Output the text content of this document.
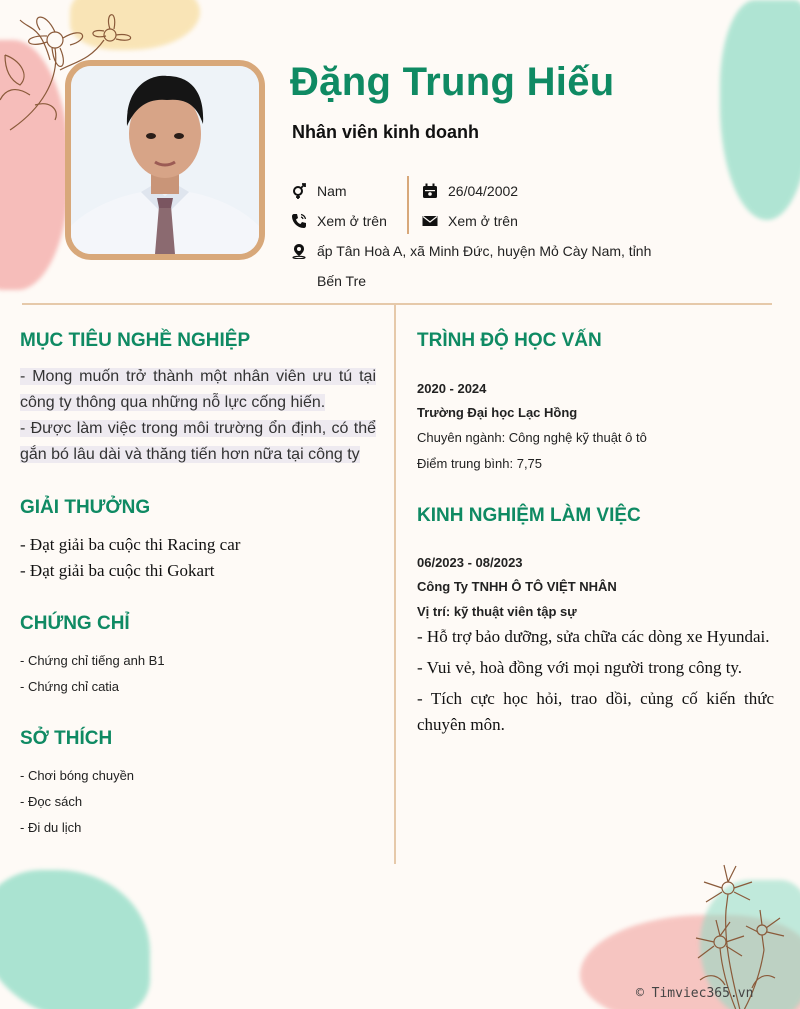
Đặng Trung Hiếu
Nhân viên kinh doanh
Nam
Xem ở trên
26/04/2002
Xem ở trên
ấp Tân Hoà A, xã Minh Đức, huyện Mỏ Cày Nam, tỉnh
Bến Tre
MỤC TIÊU NGHỀ NGHIỆP
- Mong muốn trở thành một nhân viên ưu tú tại
công ty thông qua những nỗ lực cống hiến.
- Được làm việc trong môi trường ổn định, có thể
gắn bó lâu dài và thăng tiến hơn nữa tại công ty
GIẢI THƯỞNG
- Đạt giải ba cuộc thi Racing car
- Đạt giải ba cuộc thi Gokart
CHỨNG CHỈ
- Chứng chỉ tiếng anh B1
- Chứng chỉ catia
SỞ THÍCH
- Chơi bóng chuyền
- Đọc sách
- Đi du lịch
TRÌNH ĐỘ HỌC VẤN
2020 - 2024
Trường Đại học Lạc Hồng
Chuyên ngành: Công nghệ kỹ thuật ô tô
Điểm trung bình: 7,75
KINH NGHIỆM LÀM VIỆC
06/2023 - 08/2023
Công Ty TNHH Ô TÔ VIỆT NHÂN
Vị trí: kỹ thuật viên tập sự
- Hỗ trợ bảo dưỡng, sửa chữa các dòng xe Hyundai.
- Vui vẻ, hoà đồng với mọi người trong công ty.
- Tích cực học hỏi, trao dồi, củng cố kiến thức chuyên môn.
© Timviec365.vn
